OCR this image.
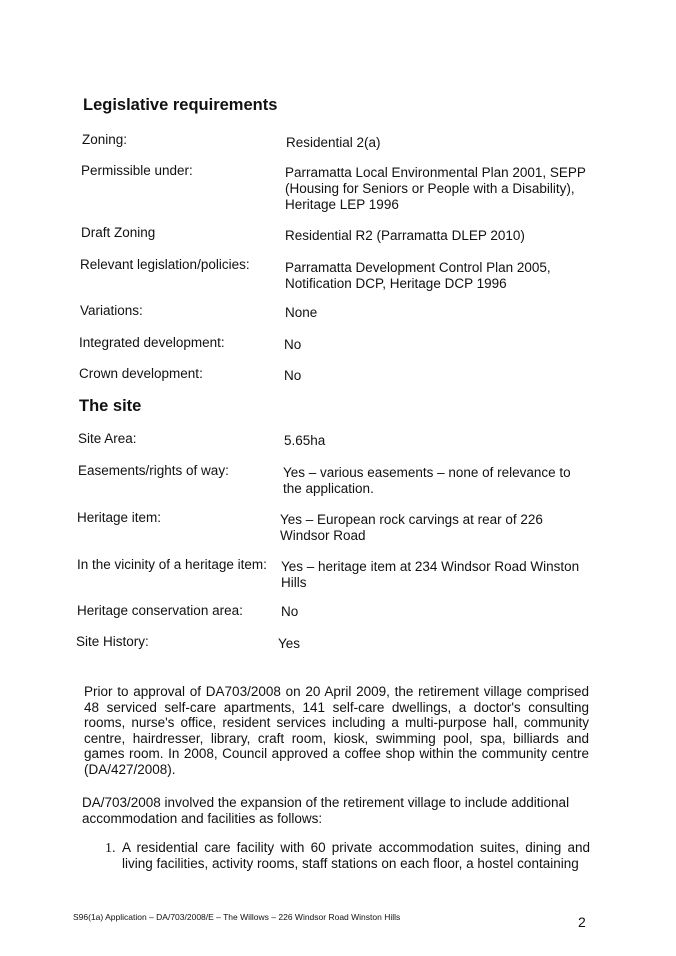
Legislative requirements
Zoning:	Residential 2(a)
Permissible under:	Parramatta Local Environmental Plan 2001, SEPP (Housing for Seniors or People with a Disability), Heritage LEP 1996
Draft Zoning	Residential R2 (Parramatta DLEP 2010)
Relevant legislation/policies:	Parramatta Development Control Plan 2005, Notification DCP, Heritage DCP 1996
Variations:	None
Integrated development:	No
Crown development:	No
The site
Site Area:	5.65ha
Easements/rights of way:	Yes – various easements – none of relevance to the application.
Heritage item:	Yes – European rock carvings at rear of 226 Windsor Road
In the vicinity of a heritage item: Yes – heritage item at 234 Windsor Road Winston Hills
Heritage conservation area:	No
Site History:	Yes

Prior to approval of DA703/2008 on 20 April 2009, the retirement village comprised 48 serviced self-care apartments, 141 self-care dwellings, a doctor's consulting rooms, nurse's office, resident services including a multi-purpose hall, community centre, hairdresser, library, craft room, kiosk, swimming pool, spa, billiards and games room. In 2008, Council approved a coffee shop within the community centre (DA/427/2008).

DA/703/2008 involved the expansion of the retirement village to include additional accommodation and facilities as follows:

1. A residential care facility with 60 private accommodation suites, dining and living facilities, activity rooms, staff stations on each floor, a hostel containing
S96(1a) Application – DA/703/2008/E – The Willows – 226 Windsor Road Winston Hills	2
